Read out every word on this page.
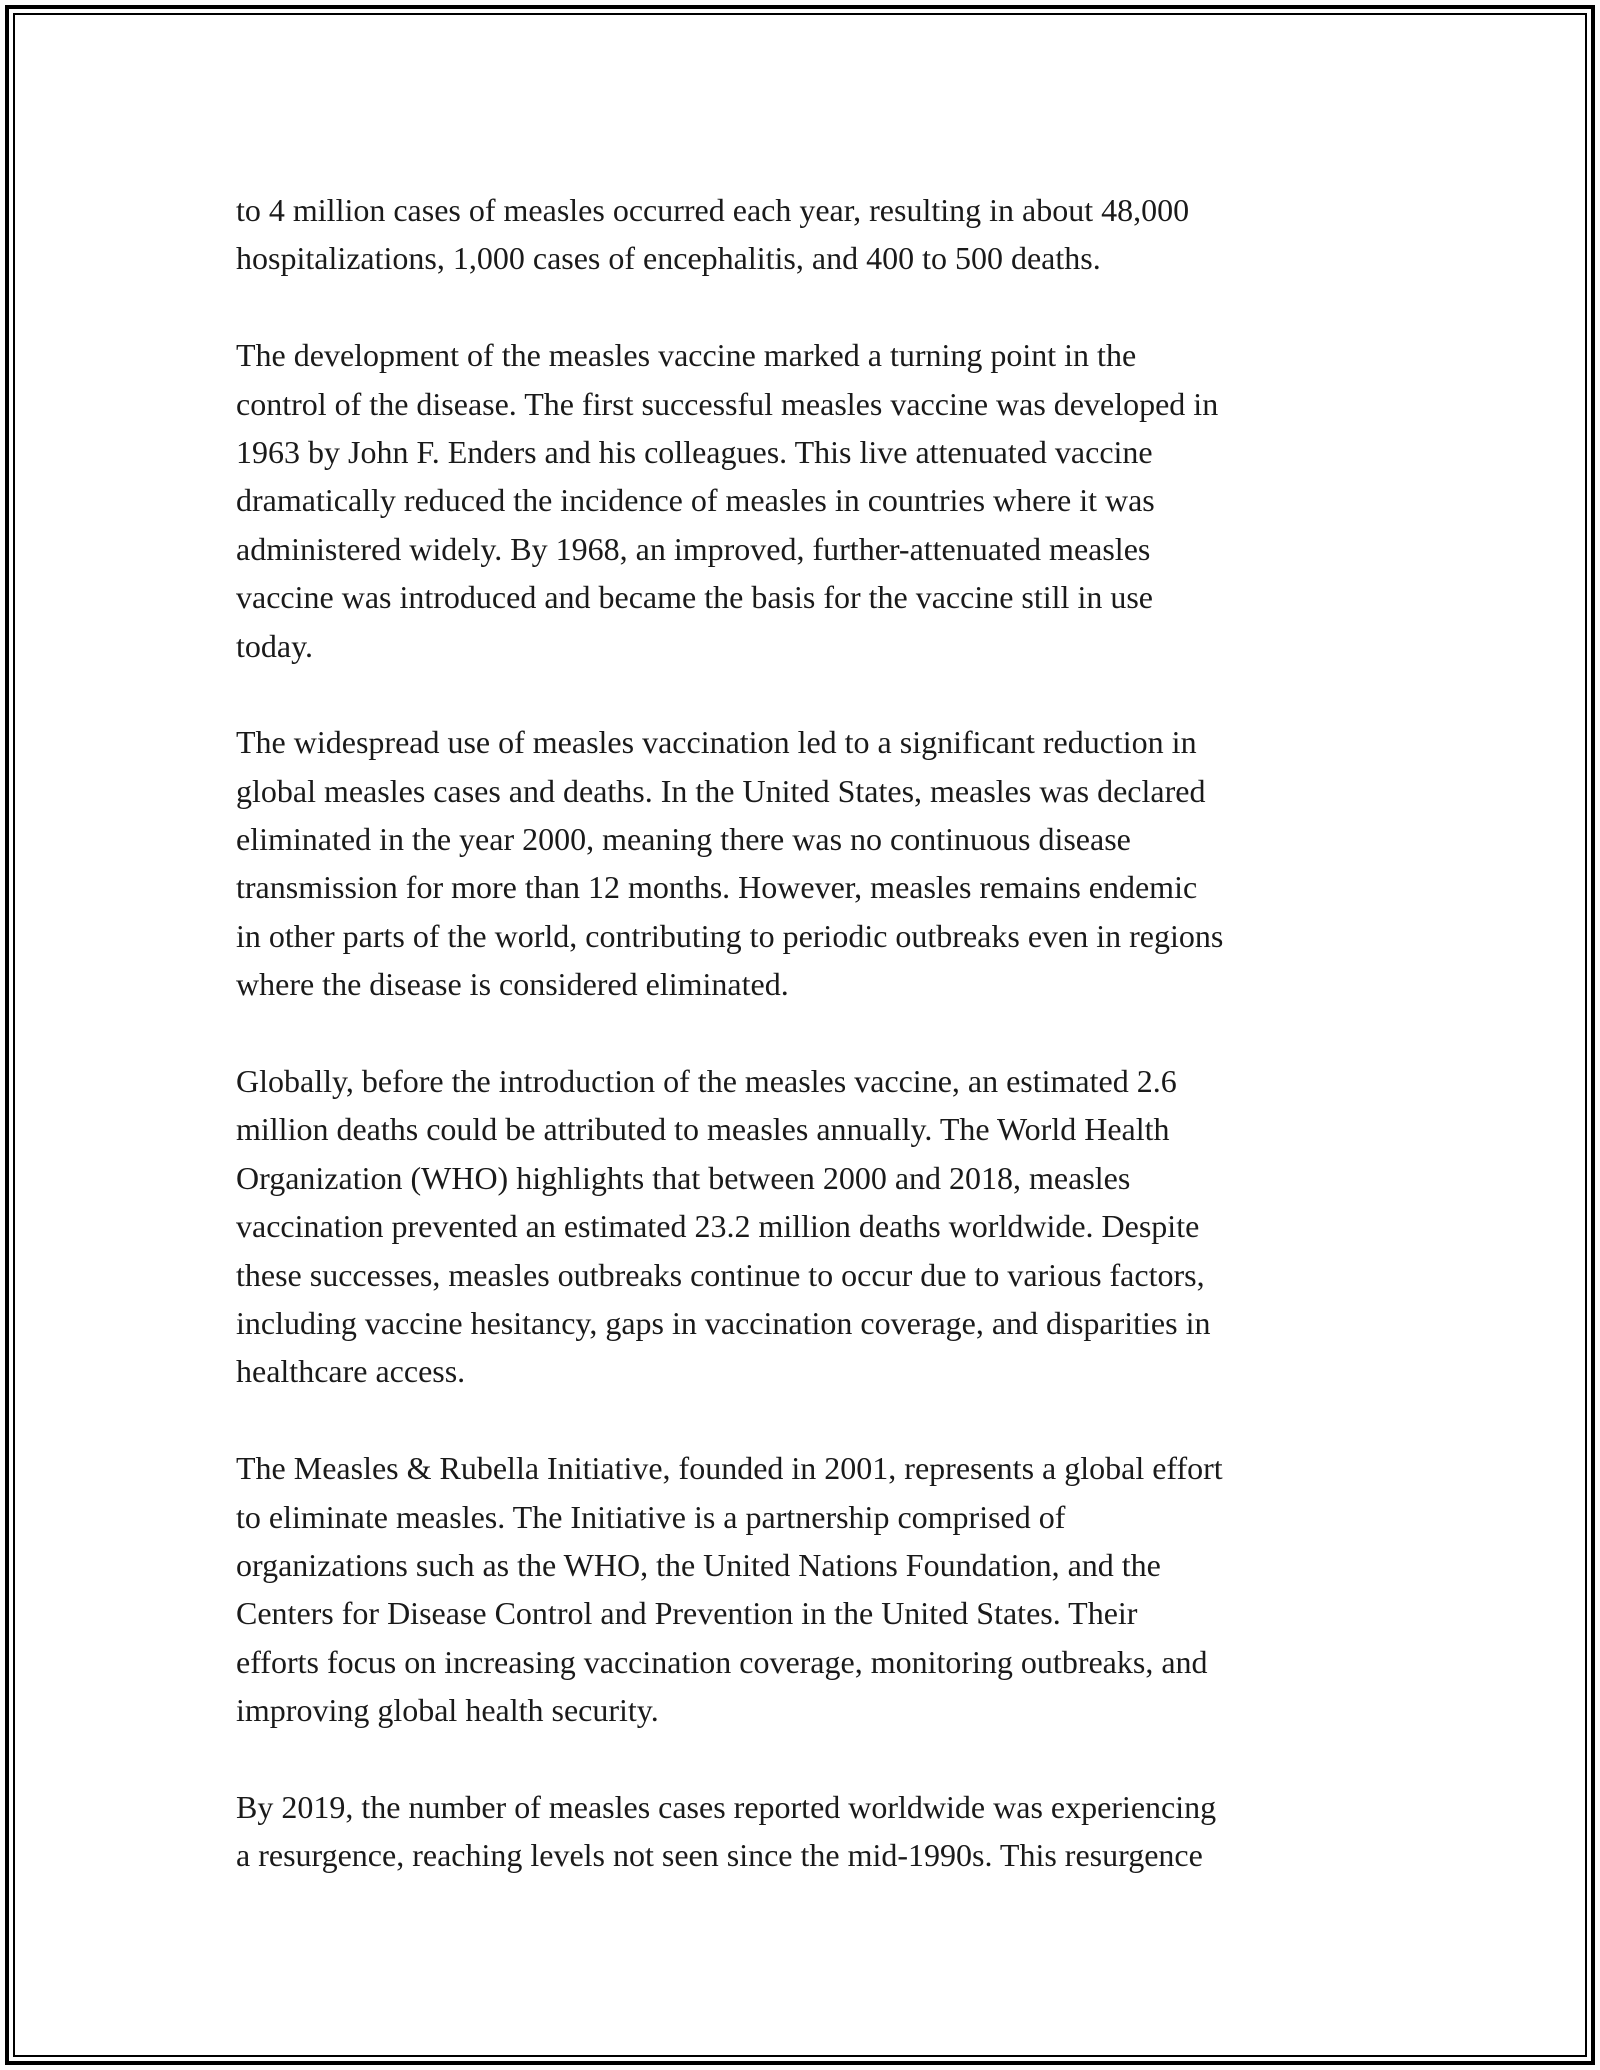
to 4 million cases of measles occurred each year, resulting in about 48,000
hospitalizations, 1,000 cases of encephalitis, and 400 to 500 deaths.

The development of the measles vaccine marked a turning point in the
control of the disease. The first successful measles vaccine was developed in
1963 by John F. Enders and his colleagues. This live attenuated vaccine
dramatically reduced the incidence of measles in countries where it was
administered widely. By 1968, an improved, further-attenuated measles
vaccine was introduced and became the basis for the vaccine still in use
today.

The widespread use of measles vaccination led to a significant reduction in
global measles cases and deaths. In the United States, measles was declared
eliminated in the year 2000, meaning there was no continuous disease
transmission for more than 12 months. However, measles remains endemic
in other parts of the world, contributing to periodic outbreaks even in regions
where the disease is considered eliminated.

Globally, before the introduction of the measles vaccine, an estimated 2.6
million deaths could be attributed to measles annually. The World Health
Organization (WHO) highlights that between 2000 and 2018, measles
vaccination prevented an estimated 23.2 million deaths worldwide. Despite
these successes, measles outbreaks continue to occur due to various factors,
including vaccine hesitancy, gaps in vaccination coverage, and disparities in
healthcare access.

The Measles & Rubella Initiative, founded in 2001, represents a global effort
to eliminate measles. The Initiative is a partnership comprised of
organizations such as the WHO, the United Nations Foundation, and the
Centers for Disease Control and Prevention in the United States. Their
efforts focus on increasing vaccination coverage, monitoring outbreaks, and
improving global health security.

By 2019, the number of measles cases reported worldwide was experiencing
a resurgence, reaching levels not seen since the mid-1990s. This resurgence
